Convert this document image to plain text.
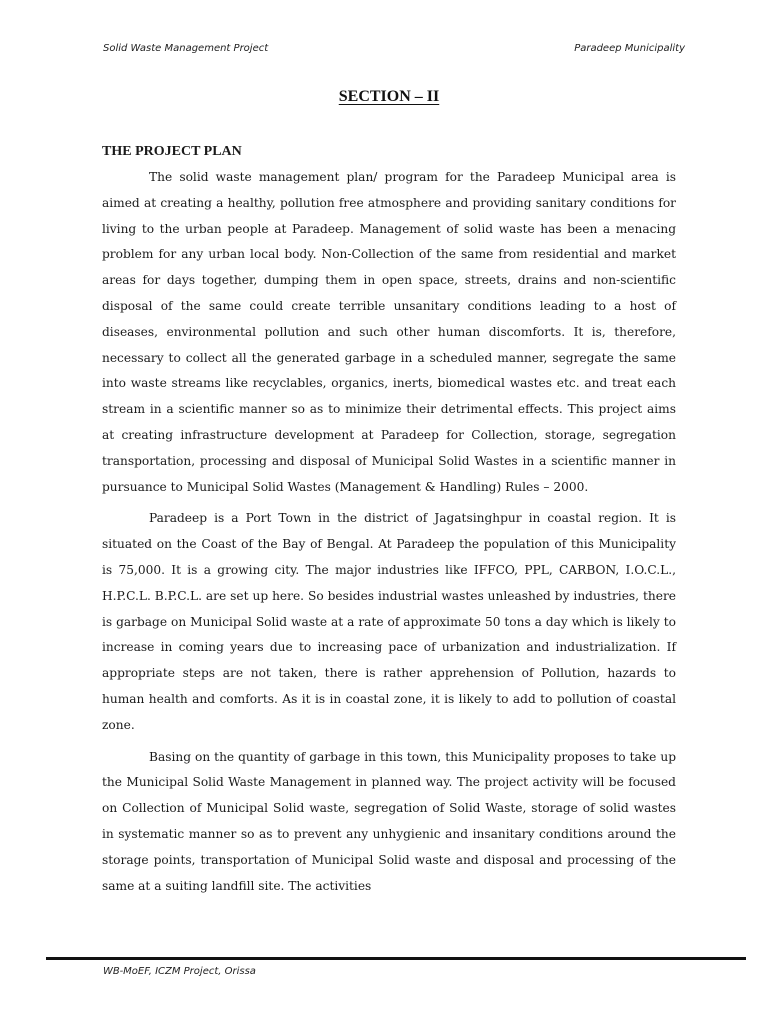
Solid Waste Management Project	Paradeep Municipality
SECTION – II

THE PROJECT PLAN

The solid waste management plan/ program for the Paradeep Municipal area is aimed at creating a healthy, pollution free atmosphere and providing sanitary conditions for living to the urban people at Paradeep. Management of solid waste has been a menacing problem for any urban local body. Non-Collection of the same from residential and market areas for days together, dumping them in open space, streets, drains and non-scientific disposal of the same could create terrible unsanitary conditions leading to a host of diseases, environmental pollution and such other human discomforts. It is, therefore, necessary to collect all the generated garbage in a scheduled manner, segregate the same into waste streams like recyclables, organics, inerts, biomedical wastes etc. and treat each stream in a scientific manner so as to minimize their detrimental effects. This project aims at creating infrastructure development at Paradeep for Collection, storage, segregation transportation, processing and disposal of Municipal Solid Wastes in a scientific manner in pursuance to Municipal Solid Wastes (Management & Handling) Rules – 2000.

Paradeep is a Port Town in the district of Jagatsinghpur in coastal region. It is situated on the Coast of the Bay of Bengal. At Paradeep the population of this Municipality is 75,000. It is a growing city. The major industries like IFFCO, PPL, CARBON, I.O.C.L., H.P.C.L. B.P.C.L. are set up here. So besides industrial wastes unleashed by industries, there is garbage on Municipal Solid waste at a rate of approximate 50 tons a day which is likely to increase in coming years due to increasing pace of urbanization and industrialization. If appropriate steps are not taken, there is rather apprehension of Pollution, hazards to human health and comforts. As it is in coastal zone, it is likely to add to pollution of coastal zone.

Basing on the quantity of garbage in this town, this Municipality proposes to take up the Municipal Solid Waste Management in planned way. The project activity will be focused on Collection of Municipal Solid waste, segregation of Solid Waste, storage of solid wastes in systematic manner so as to prevent any unhygienic and insanitary conditions around the storage points, transportation of Municipal Solid waste and disposal and processing of the same at a suiting landfill site. The activities

WB-MoEF, ICZM Project, Orissa
